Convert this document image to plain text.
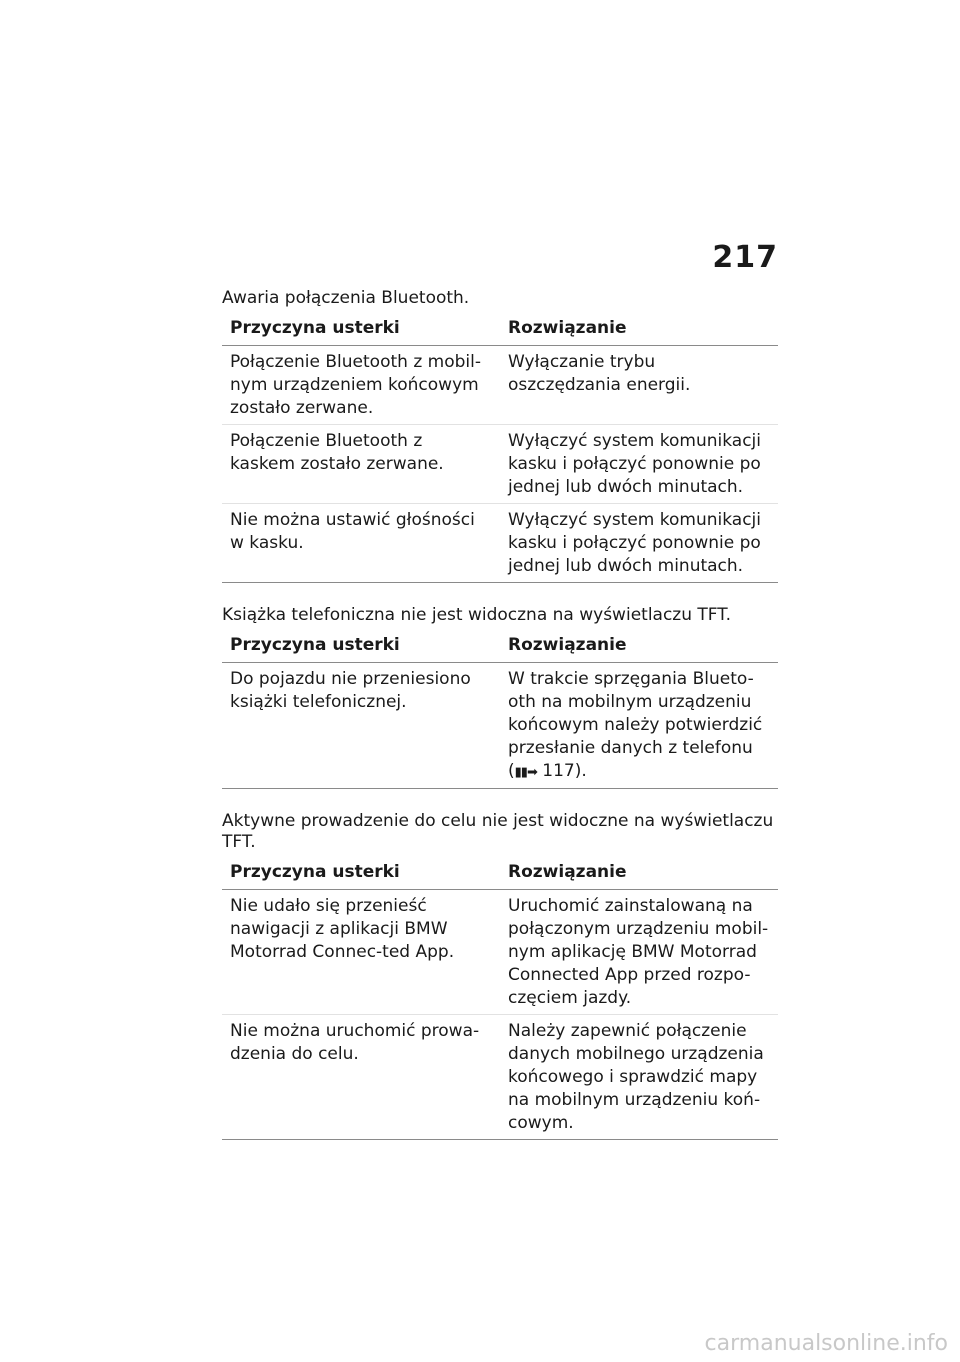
217

Awaria połączenia Bluetooth.

Przyczyna usterki	Rozwiązanie
Połączenie Bluetooth z mobil-nym urządzeniem końcowym zostało zerwane.	Wyłączanie trybu oszczędzania energii.
Połączenie Bluetooth z kaskem zostało zerwane.	Wyłączyć system komunikacji kasku i połączyć ponownie po jednej lub dwóch minutach.
Nie można ustawić głośności w kasku.	Wyłączyć system komunikacji kasku i połączyć ponownie po jednej lub dwóch minutach.

Książka telefoniczna nie jest widoczna na wyświetlaczu TFT.

Przyczyna usterki	Rozwiązanie
Do pojazdu nie przeniesiono książki telefonicznej.	W trakcie sprzęgania Blueto-oth na mobilnym urządzeniu końcowym należy potwierdzić przesłanie danych z telefonu
(▮▮➡ 117).

Aktywne prowadzenie do celu nie jest widoczne na wyświetlaczu TFT.

Przyczyna usterki	Rozwiązanie
Nie udało się przenieść nawigacji z aplikacji BMW Motorrad Connec-ted App.	Uruchomić zainstalowaną na połączonym urządzeniu mobil-nym aplikację BMW Motorrad Connected App przed rozpo-częciem jazdy.
Nie można uruchomić prowa-dzenia do celu.	Należy zapewnić połączenie danych mobilnego urządzenia końcowego i sprawdzić mapy na mobilnym urządzeniu koń-cowym.
carmanualsonline.info
